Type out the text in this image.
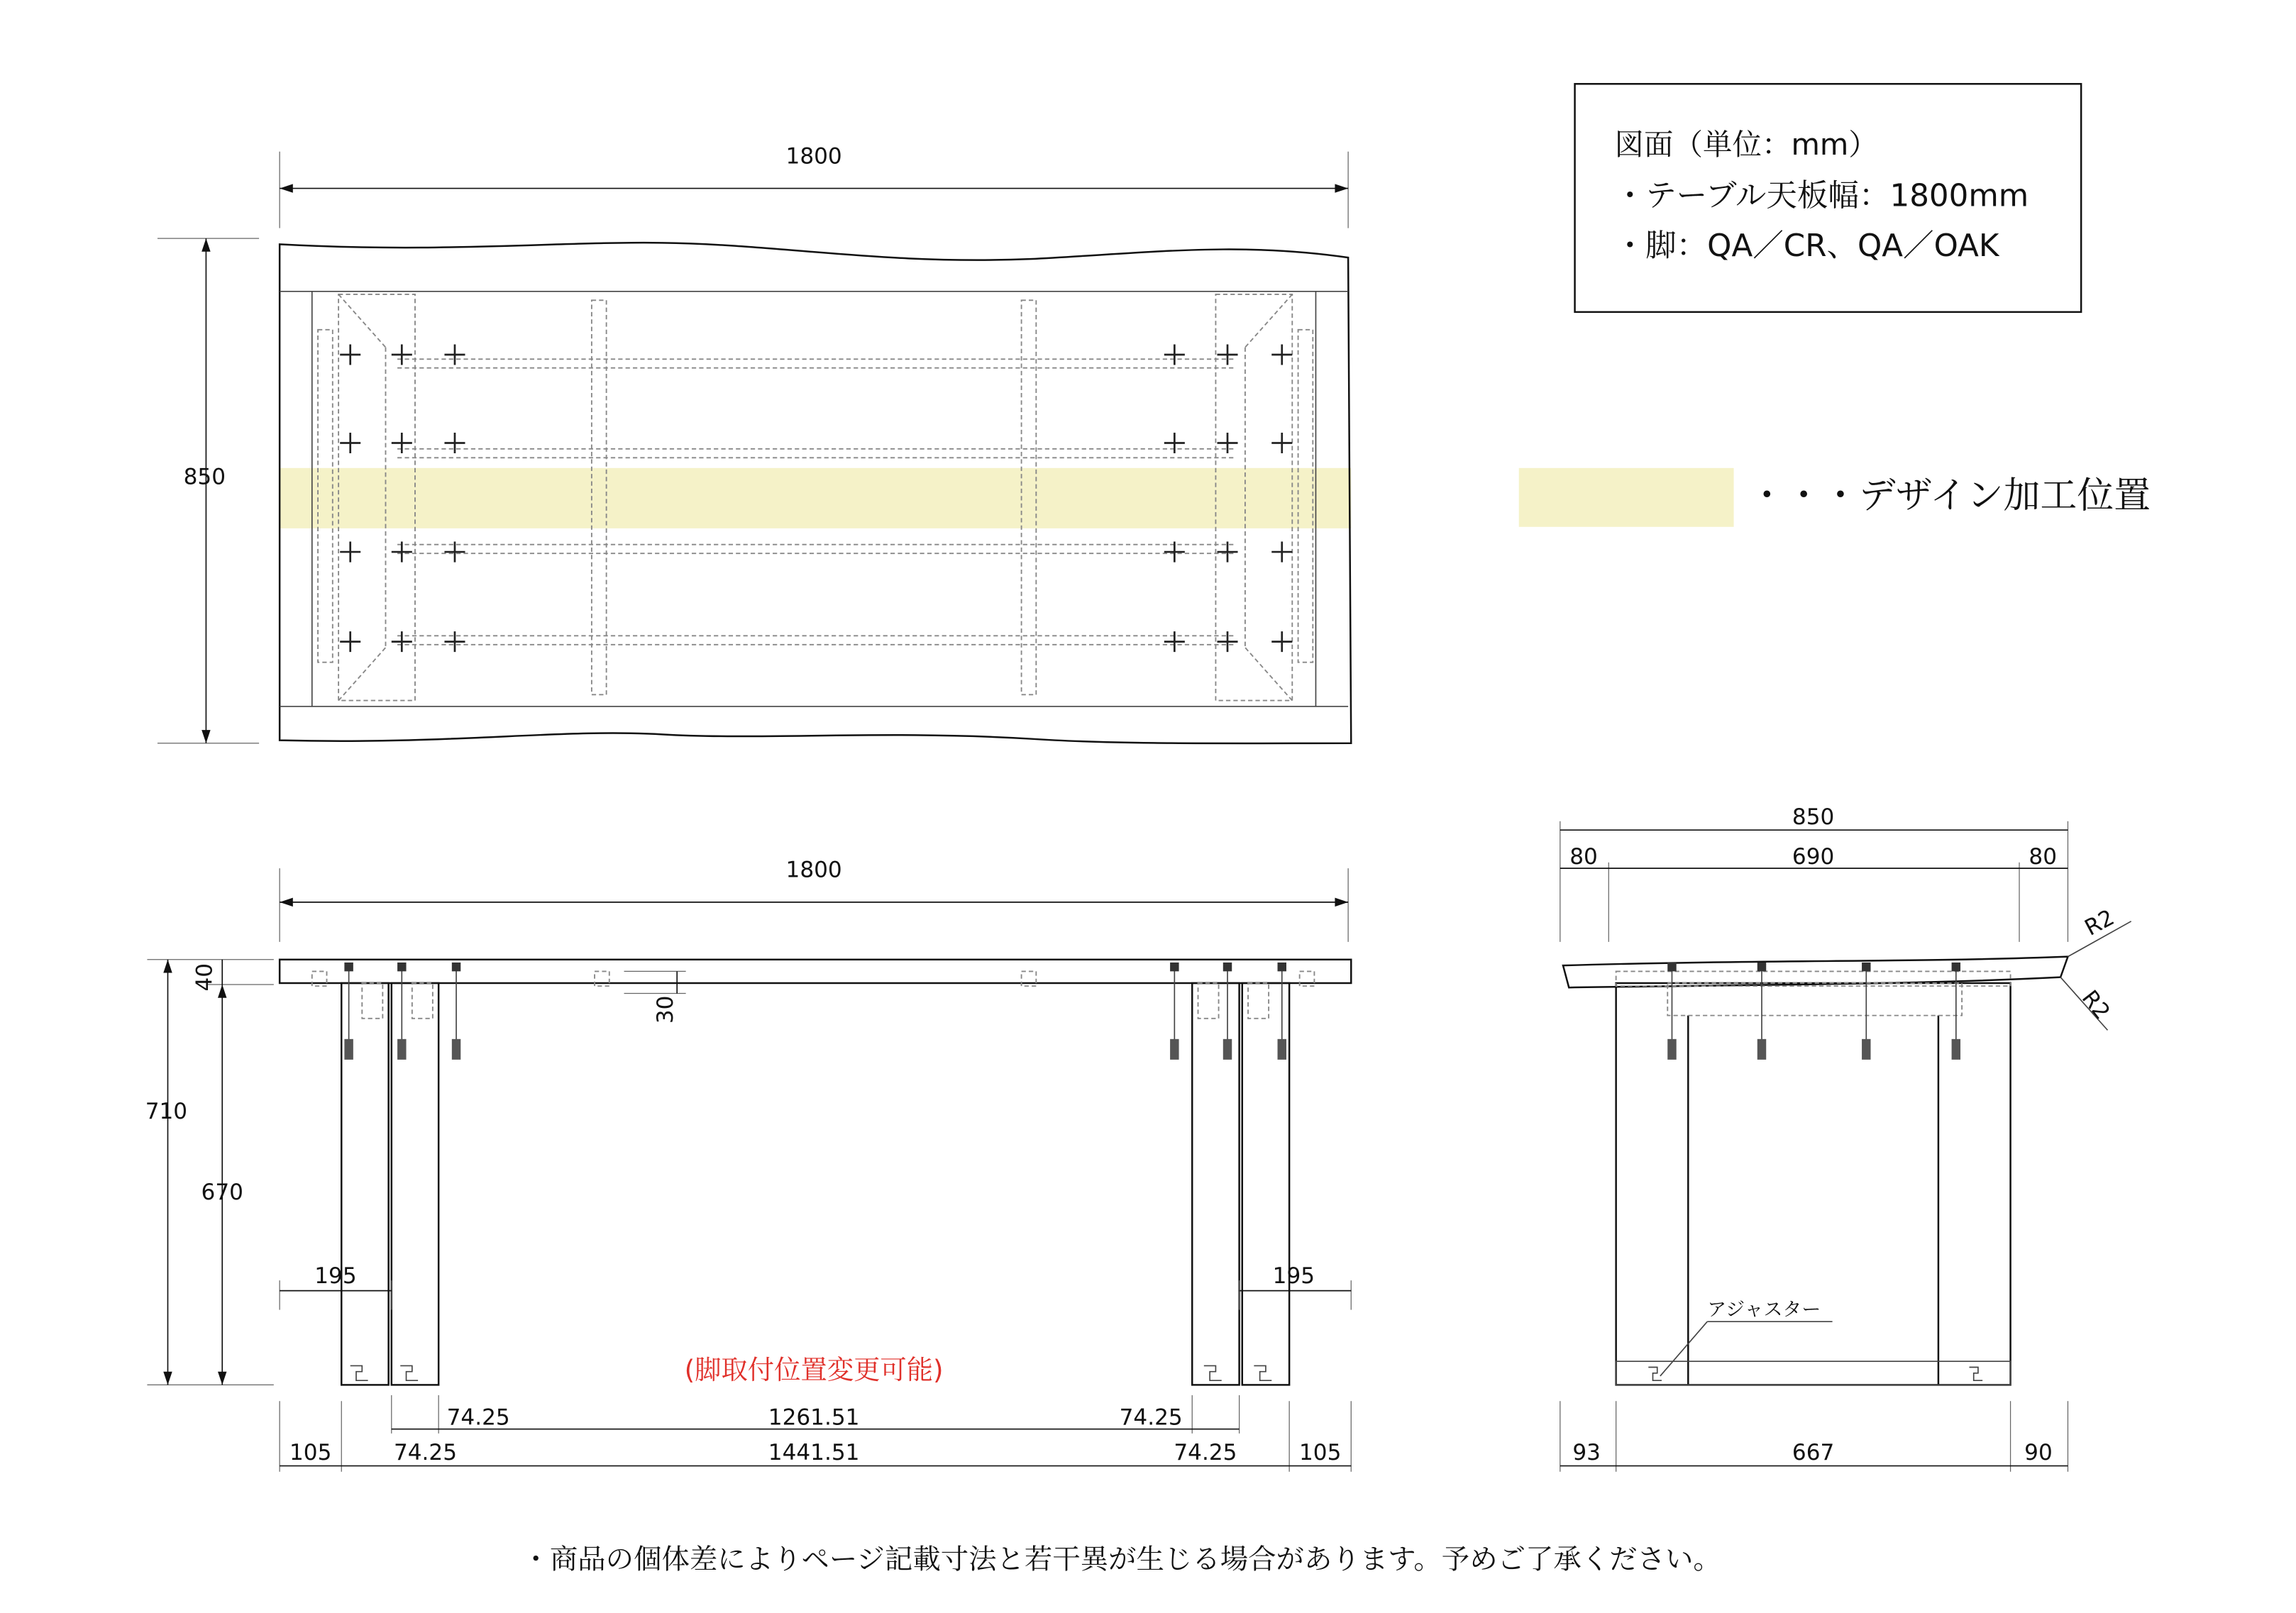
図面（単位：mm）
・テーブル天板幅：1800mm
・脚：QA／CR、QA／OAK
・・・デザイン加工位置
1800
850
1800
710
670
40
30
195	195
(脚取付位置変更可能)
74.25	1261.51	74.25
105	74.25	1441.51	74.25	105
850
80	690	80
R2
R2
アジャスター
93	667	90
・商品の個体差によりページ記載寸法と若干異が生じる場合があります。予めご了承ください。
